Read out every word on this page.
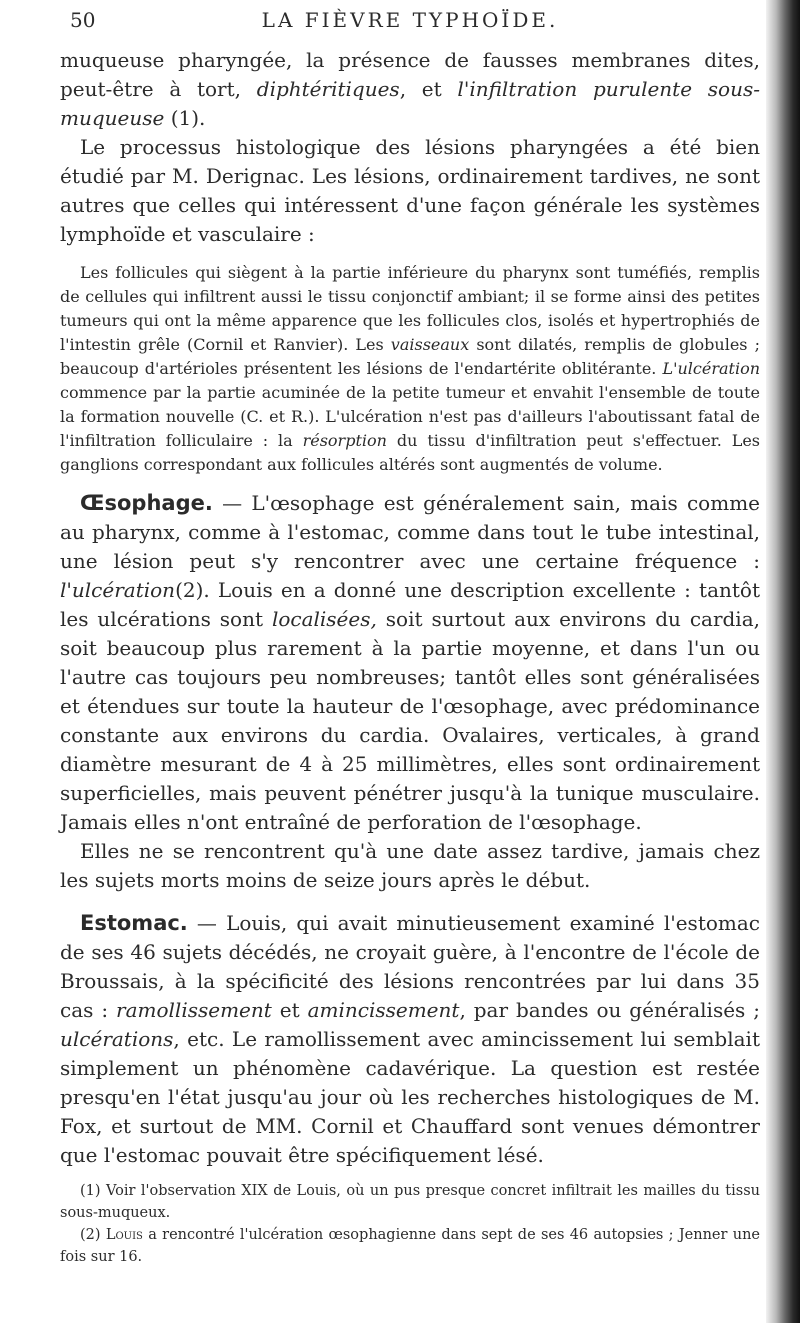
50	LA FIÈVRE TYPHOÏDE.

muqueuse pharyngée, la présence de fausses membranes dites, peut-être à tort, diphtéritiques, et l'infiltration purulente sous-muqueuse (1).

Le processus histologique des lésions pharyngées a été bien étudié par M. Derignac. Les lésions, ordinairement tardives, ne sont autres que celles qui intéressent d'une façon générale les systèmes lymphoïde et vasculaire :

Les follicules qui siègent à la partie inférieure du pharynx sont tuméfiés, remplis de cellules qui infiltrent aussi le tissu conjonctif ambiant; il se forme ainsi des petites tumeurs qui ont la même apparence que les follicules clos, isolés et hypertrophiés de l'intestin grêle (Cornil et Ranvier). Les vaisseaux sont dilatés, remplis de globules ; beaucoup d'artérioles présentent les lésions de l'endartérite oblitérante. L'ulcération commence par la partie acuminée de la petite tumeur et envahit l'ensemble de toute la formation nouvelle (C. et R.). L'ulcération n'est pas d'ailleurs l'aboutissant fatal de l'infiltration folliculaire : la résorption du tissu d'infiltration peut s'effectuer. Les ganglions correspondant aux follicules altérés sont augmentés de volume.

Œsophage. — L'œsophage est généralement sain, mais comme au pharynx, comme à l'estomac, comme dans tout le tube intestinal, une lésion peut s'y rencontrer avec une certaine fréquence : l'ulcération(2). Louis en a donné une description excellente : tantôt les ulcérations sont localisées, soit surtout aux environs du cardia, soit beaucoup plus rarement à la partie moyenne, et dans l'un ou l'autre cas toujours peu nombreuses; tantôt elles sont généralisées et étendues sur toute la hauteur de l'œsophage, avec prédominance constante aux environs du cardia. Ovalaires, verticales, à grand diamètre mesurant de 4 à 25 millimètres, elles sont ordinairement superficielles, mais peuvent pénétrer jusqu'à la tunique musculaire. Jamais elles n'ont entraîné de perforation de l'œsophage.

Elles ne se rencontrent qu'à une date assez tardive, jamais chez les sujets morts moins de seize jours après le début.

Estomac. — Louis, qui avait minutieusement examiné l'estomac de ses 46 sujets décédés, ne croyait guère, à l'encontre de l'école de Broussais, à la spécificité des lésions rencontrées par lui dans 35 cas : ramollissement et amincissement, par bandes ou généralisés ; ulcérations, etc. Le ramollissement avec amincissement lui semblait simplement un phénomène cadavérique. La question est restée presqu'en l'état jusqu'au jour où les recherches histologiques de M. Fox, et surtout de MM. Cornil et Chauffard sont venues démontrer que l'estomac pouvait être spécifiquement lésé.

(1) Voir l'observation XIX de Louis, où un pus presque concret infiltrait les mailles du tissu sous-muqueux.

(2) Louis a rencontré l'ulcération œsophagienne dans sept de ses 46 autopsies ; Jenner une fois sur 16.
